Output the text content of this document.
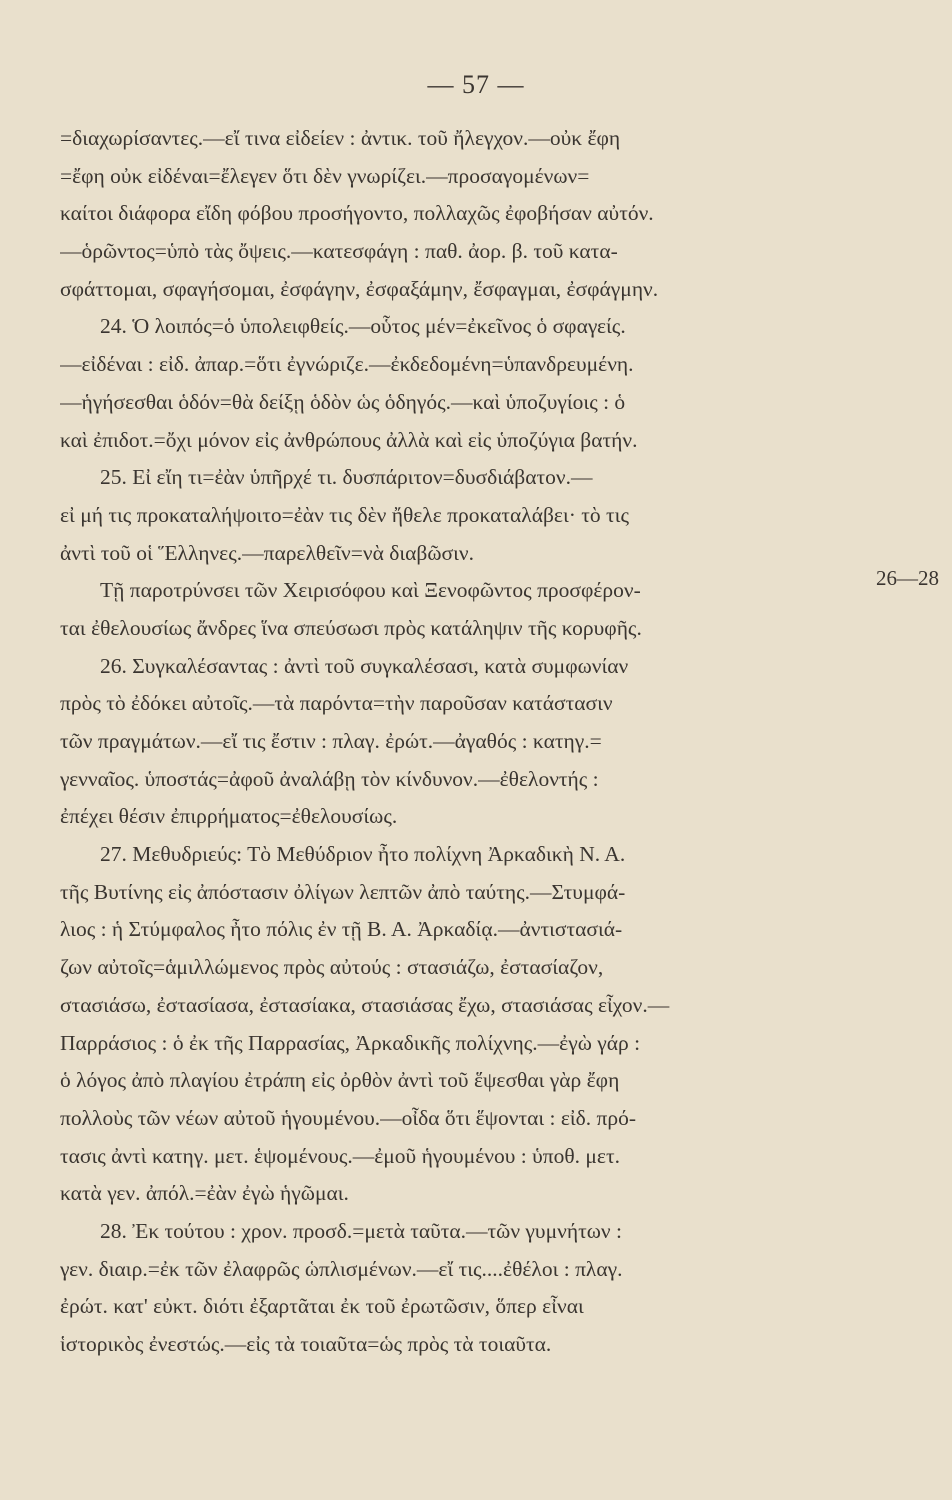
— 57 —
=διαχωρίσαντες.—εἴ τινα εἰδείεν : ἀντικ. τοῦ ἤλεγχον.—οὐκ ἔφη
=ἔφη οὐκ εἰδέναι=ἔλεγεν ὅτι δὲν γνωρίζει.—προσαγομένων=
καίτοι διάφορα εἴδη φόβου προσήγοντο, πολλαχῶς ἐφοβήσαν αὐτόν.
—ὁρῶντος=ὑπὸ τὰς ὄψεις.—κατεσφάγη : παθ. ἀορ. β. τοῦ κατα-
σφάττομαι, σφαγήσομαι, ἐσφάγην, ἐσφαξάμην, ἔσφαγμαι, ἐσφάγμην.
24. Ὁ λοιπός=ὁ ὑπολειφθείς.—οὗτος μέν=ἐκεῖνος ὁ σφαγείς.
—εἰδέναι : εἰδ. ἀπαρ.=ὅτι ἐγνώριζε.—ἐκδεδομένη=ὑπανδρευμένη.
—ἡγήσεσθαι ὁδόν=θὰ δείξῃ ὁδὸν ὡς ὁδηγός.—καὶ ὑποζυγίοις : ὁ
καὶ ἐπιδοτ.=ὄχι μόνον εἰς ἀνθρώπους ἀλλὰ καὶ εἰς ὑποζύγια βατήν.
25. Εἰ εἴη τι=ἐὰν ὑπῆρχέ τι. δυσπάριτον=δυσδιάβατον.—
εἰ μή τις προκαταλήψοιτο=ἐὰν τις δὲν ἤθελε προκαταλάβει· τὸ τις
ἀντὶ τοῦ οἱ Ἕλληνες.—παρελθεῖν=νὰ διαβῶσιν.
Τῇ παροτρύνσει τῶν Χειρισόφου καὶ Ξενοφῶντος προσφέρον-
ται ἐθελουσίως ἄνδρες ἵνα σπεύσωσι πρὸς κατάληψιν τῆς κορυφῆς.
26. Συγκαλέσαντας : ἀντὶ τοῦ συγκαλέσασι, κατὰ συμφωνίαν
πρὸς τὸ ἐδόκει αὐτοῖς.—τὰ παρόντα=τὴν παροῦσαν κατάστασιν
τῶν πραγμάτων.—εἴ τις ἔστιν : πλαγ. ἐρώτ.—ἀγαθός : κατηγ.=
γενναῖος. ὑποστάς=ἀφοῦ ἀναλάβῃ τὸν κίνδυνον.—ἐθελοντής :
ἐπέχει θέσιν ἐπιρρήματος=ἐθελουσίως.
27. Μεθυδριεύς: Τὸ Μεθύδριον ἦτο πολίχνη Ἀρκαδικὴ Ν. Α.
τῆς Βυτίνης εἰς ἀπόστασιν ὀλίγων λεπτῶν ἀπὸ ταύτης.—Στυμφά-
λιος : ἡ Στύμφαλος ἦτο πόλις ἐν τῇ Β. Α. Ἀρκαδίᾳ.—ἀντιστασιά-
ζων αὐτοῖς=ἁμιλλώμενος πρὸς αὐτούς : στασιάζω, ἐστασίαζον,
στασιάσω, ἐστασίασα, ἐστασίακα, στασιάσας ἔχω, στασιάσας εἶχον.—
Παρράσιος : ὁ ἐκ τῆς Παρρασίας, Ἀρκαδικῆς πολίχνης.—ἐγὼ γάρ :
ὁ λόγος ἀπὸ πλαγίου ἐτράπη εἰς ὀρθὸν ἀντὶ τοῦ ἕψεσθαι γὰρ ἔφη
πολλοὺς τῶν νέων αὐτοῦ ἡγουμένου.—οἶδα ὅτι ἕψονται : εἰδ. πρό-
τασις ἀντὶ κατηγ. μετ. ἑψομένους.—ἐμοῦ ἡγουμένου : ὑποθ. μετ.
κατὰ γεν. ἀπόλ.=ἐὰν ἐγὼ ἡγῶμαι.
28. Ἐκ τούτου : χρον. προσδ.=μετὰ ταῦτα.—τῶν γυμνήτων :
γεν. διαιρ.=ἐκ τῶν ἐλαφρῶς ὡπλισμένων.—εἴ τις....ἐθέλοι : πλαγ.
ἐρώτ. κατ' εὐκτ. διότι ἐξαρτᾶται ἐκ τοῦ ἐρωτῶσιν, ὅπερ εἶναι
ἱστορικὸς ἐνεστώς.—εἰς τὰ τοιαῦτα=ὡς πρὸς τὰ τοιαῦτα.
26—28
